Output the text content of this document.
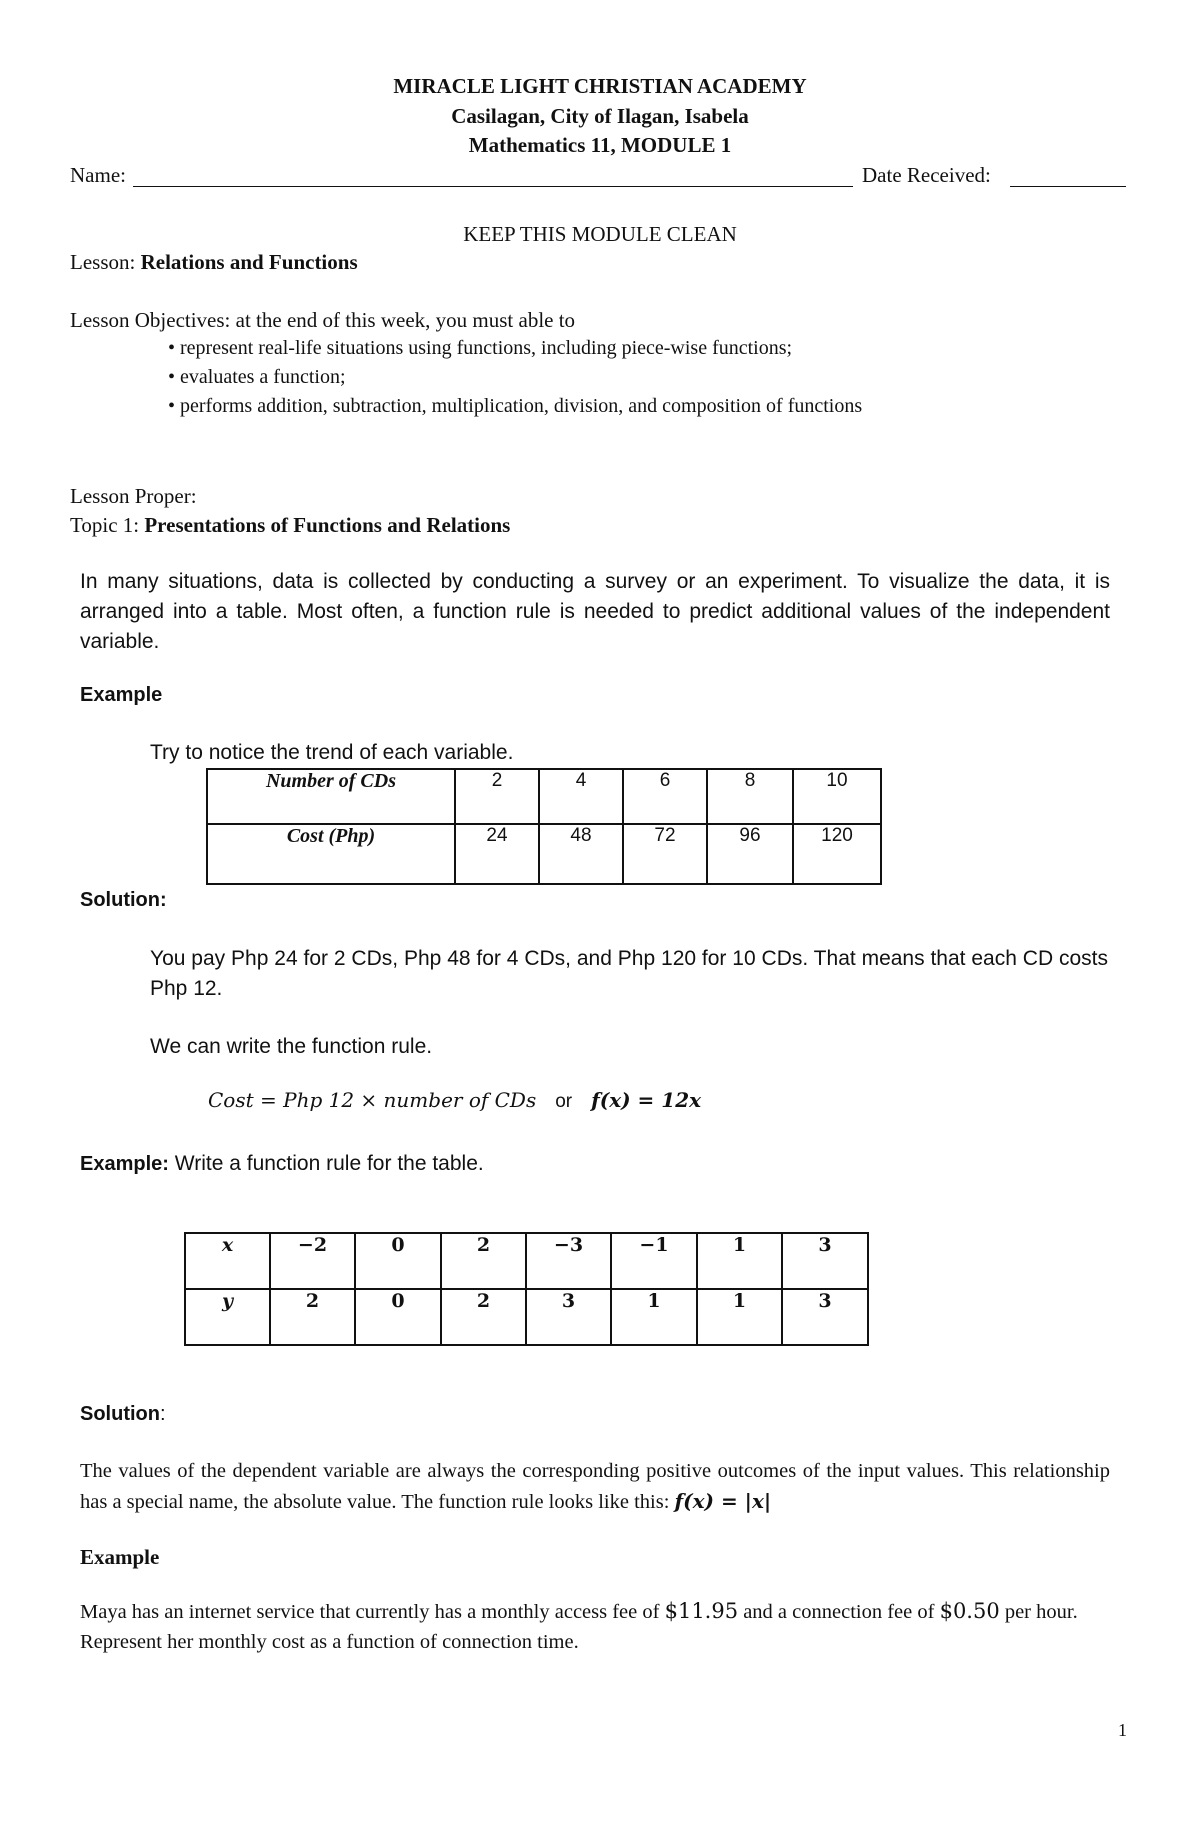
MIRACLE LIGHT CHRISTIAN ACADEMY
Casilagan, City of Ilagan, Isabela
Mathematics 11, MODULE 1
Name:	Date Received:
KEEP THIS MODULE CLEAN
Lesson: Relations and Functions
Lesson Objectives: at the end of this week, you must able to
• represent real-life situations using functions, including piece-wise functions;
• evaluates a function;
• performs addition, subtraction, multiplication, division, and composition of functions
Lesson Proper:
Topic 1: Presentations of Functions and Relations
In many situations, data is collected by conducting a survey or an experiment. To visualize the data, it is arranged into a table. Most often, a function rule is needed to predict additional values of the independent variable.
Example
Try to notice the trend of each variable.
Number of CDs	2	4	6	8	10
Cost (Php)	24	48	72	96	120
Solution:
You pay Php 24 for 2 CDs, Php 48 for 4 CDs, and Php 120 for 10 CDs. That means that each CD costs Php 12.
We can write the function rule.
Cost = Php 12 × number of CDs or f(x) = 12x
Example: Write a function rule for the table.
x	−2	0	2	−3	−1	1	3
y	2	0	2	3	1	1	3
Solution:
The values of the dependent variable are always the corresponding positive outcomes of the input values. This relationship has a special name, the absolute value. The function rule looks like this: f(x) = |x|
Example
Maya has an internet service that currently has a monthly access fee of $11.95 and a connection fee of $0.50 per hour. Represent her monthly cost as a function of connection time.
1
